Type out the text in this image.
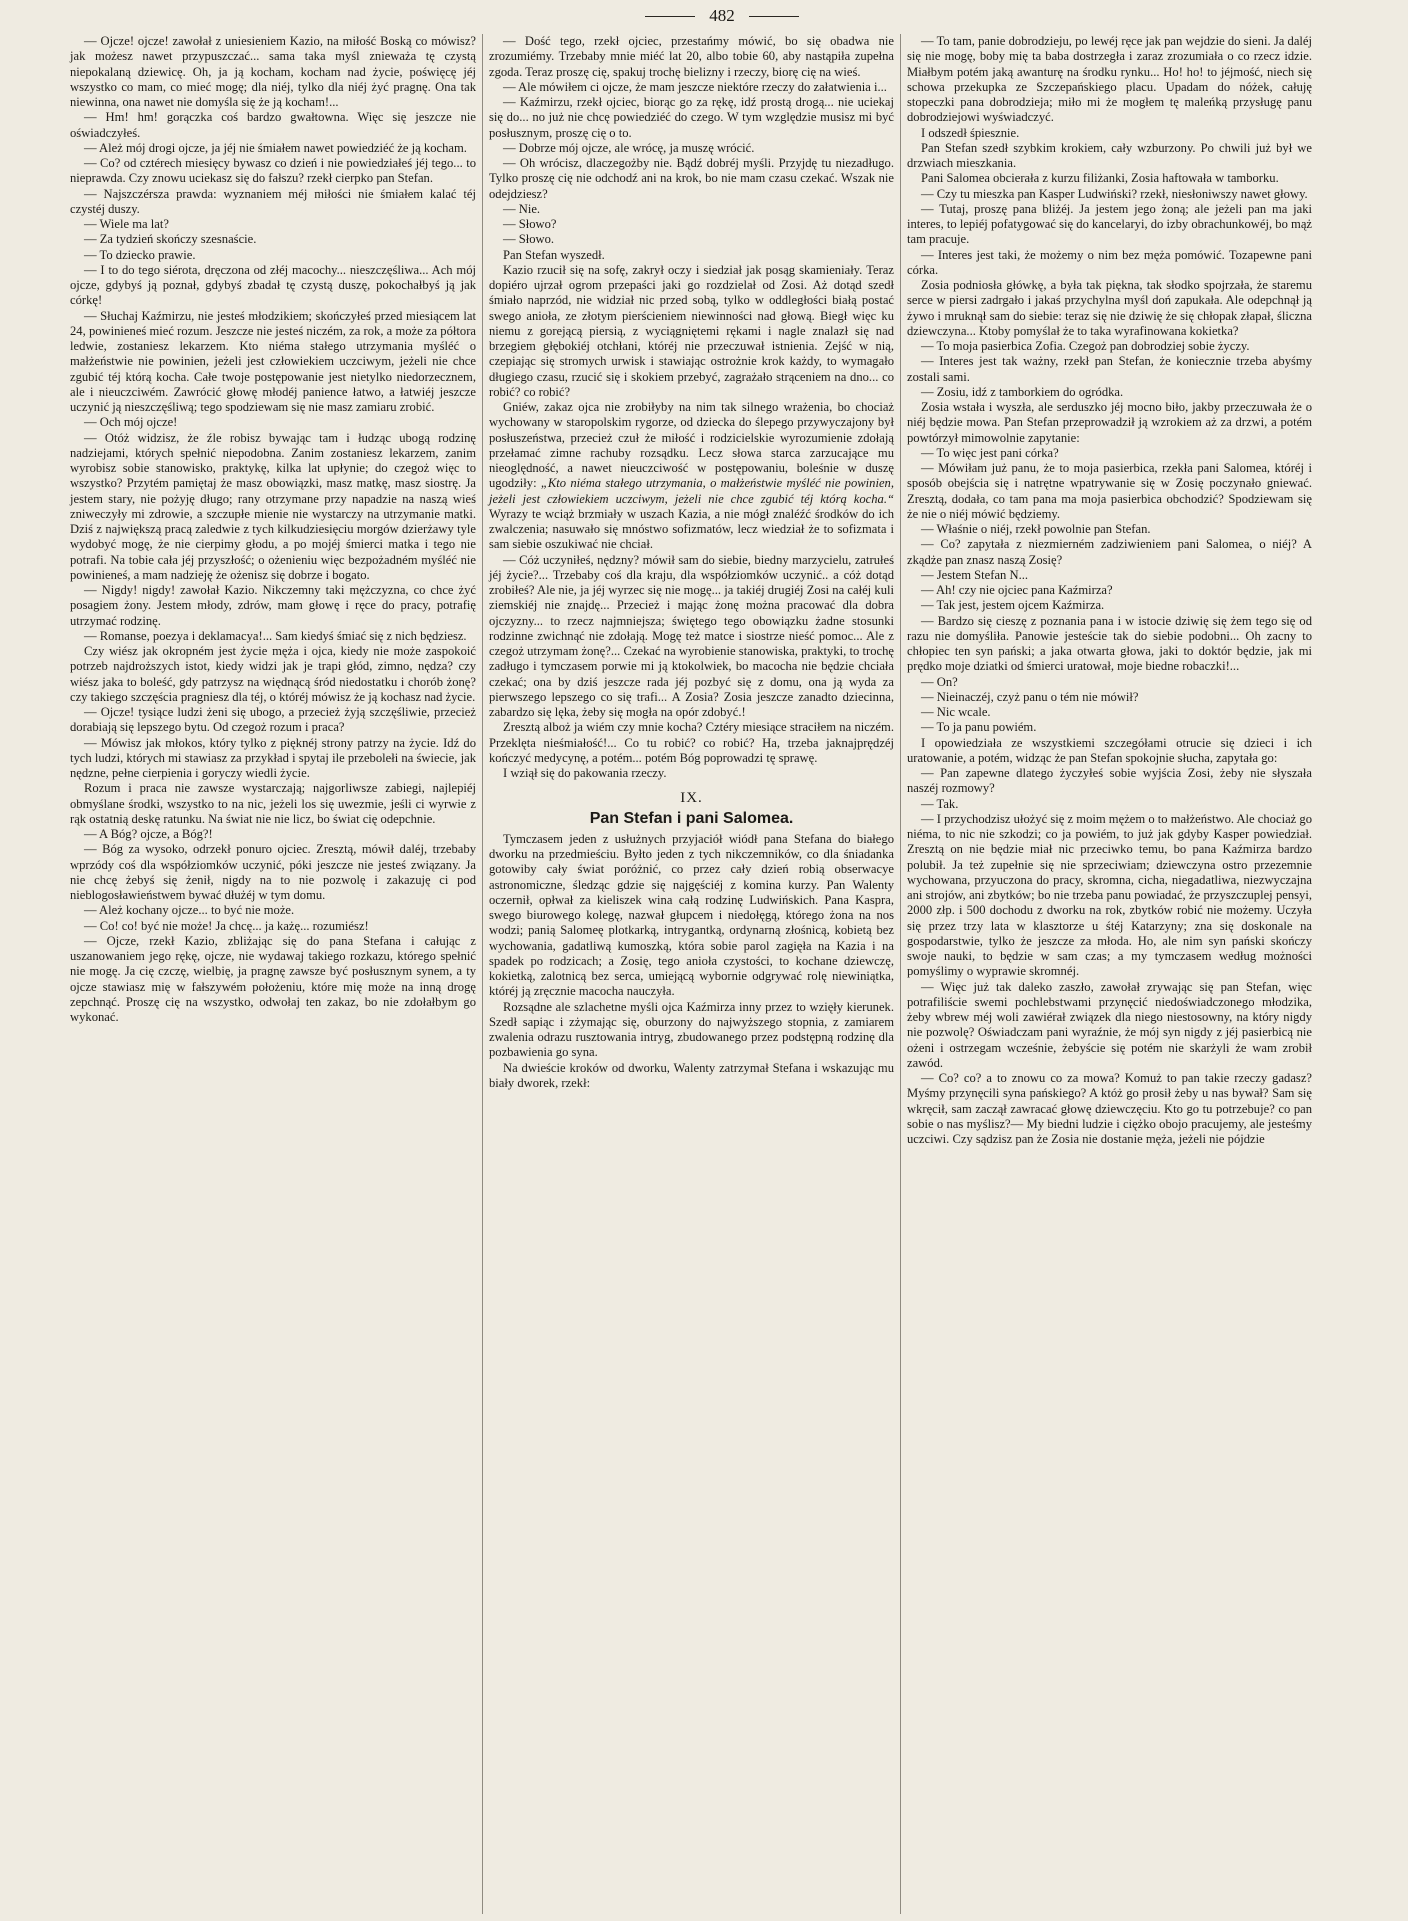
482

— Ojcze! ojcze! zawołał z uniesieniem Kazio, na miłość Boską co mówisz? jak możesz nawet przypuszczać... sama taka myśl znieważa tę czystą niepokalaną dziewicę. Oh, ja ją kocham, kocham nad życie, poświęcę jéj wszystko co mam, co mieć mogę; dla niéj, tylko dla niéj żyć pragnę. Ona tak niewinna, ona nawet nie domyśla się że ją kocham!...

— Hm! hm! gorączka coś bardzo gwałtowna. Więc się jeszcze nie oświadczyłeś.

— Ależ mój drogi ojcze, ja jéj nie śmiałem nawet powiedziéć że ją kocham.

— Co? od cztérech miesięcy bywasz co dzień i nie powiedziałeś jéj tego... to nieprawda. Czy znowu uciekasz się do fałszu? rzekł cierpko pan Stefan.

— Najszczérsza prawda: wyznaniem méj miłości nie śmiałem kalać téj czystéj duszy.

— Wiele ma lat?

— Za tydzień skończy szesnaście.

— To dziecko prawie.

— I to do tego siérota, dręczona od złéj macochy... nieszczęśliwa... Ach mój ojcze, gdybyś ją poznał, gdybyś zbadał tę czystą duszę, pokochałbyś ją jak córkę!

— Słuchaj Kaźmirzu, nie jesteś młodzikiem; skończyłeś przed miesiącem lat 24, powinieneś mieć rozum. Jeszcze nie jesteś niczém, za rok, a może za półtora ledwie, zostaniesz lekarzem. Kto niéma stałego utrzymania myśléć o małżeństwie nie powinien, jeżeli jest człowiekiem uczciwym, jeżeli nie chce zgubić téj którą kocha. Całe twoje postępowanie jest nietylko niedorzecznem, ale i nieuczciwém. Zawrócić głowę młodéj panience łatwo, a łatwiéj jeszcze uczynić ją nieszczęśliwą; tego spodziewam się nie masz zamiaru zrobić.

— Och mój ojcze!

— Otóż widzisz, że źle robisz bywając tam i łudząc ubogą rodzinę nadziejami, których spełnić niepodobna. Zanim zostaniesz lekarzem, zanim wyrobisz sobie stanowisko, praktykę, kilka lat upłynie; do czegoż więc to wszystko? Przytém pamiętaj że masz obowiązki, masz matkę, masz siostrę. Ja jestem stary, nie pożyję długo; rany otrzymane przy napadzie na naszą wieś zniweczyły mi zdrowie, a szczupłe mienie nie wystarczy na utrzymanie matki. Dziś z największą pracą zaledwie z tych kilkudziesięciu morgów dzierżawy tyle wydobyć mogę, że nie cierpimy głodu, a po mojéj śmierci matka i tego nie potrafi. Na tobie cała jéj przyszłość; o ożenieniu więc bezpożadném myśléć nie powinieneś, a mam nadzieję że ożenisz się dobrze i bogato.

— Nigdy! nigdy! zawołał Kazio. Nikczemny taki mężczyzna, co chce żyć posagiem żony. Jestem młody, zdrów, mam głowę i ręce do pracy, potrafię utrzymać rodzinę.

— Romanse, poezya i deklamacya!... Sam kiedyś śmiać się z nich będziesz.

Czy wiész jak okropném jest życie męża i ojca, kiedy nie może zaspokoić potrzeb najdroższych istot, kiedy widzi jak je trapi głód, zimno, nędza? czy wiész jaka to boleść, gdy patrzysz na więdnącą śród niedostatku i chorób żonę? czy takiego szczęścia pragniesz dla téj, o któréj mówisz że ją kochasz nad życie.

— Ojcze! tysiące ludzi żeni się ubogo, a przecież żyją szczęśliwie, przecież dorabiają się lepszego bytu. Od czegoż rozum i praca?

— Mówisz jak młokos, który tylko z pięknéj strony patrzy na życie. Idź do tych ludzi, których mi stawiasz za przykład i spytaj ile przebolełi na świecie, jak nędzne, pełne cierpienia i goryczy wiedli życie.

Rozum i praca nie zawsze wystarczają; najgorliwsze zabiegi, najlepiéj obmyślane środki, wszystko to na nic, jeżeli los się uwezmie, jeśli ci wyrwie z rąk ostatnią deskę ratunku. Na świat nie nie licz, bo świat cię odepchnie.

— A Bóg? ojcze, a Bóg?!

— Bóg za wysoko, odrzekł ponuro ojciec. Zresztą, mówił daléj, trzebaby wprzódy coś dla współziomków uczynić, póki jeszcze nie jesteś związany. Ja nie chcę żebyś się żenił, nigdy na to nie pozwolę i zakazuję ci pod nieblogosławieństwem bywać dłużéj w tym domu.

— Ależ kochany ojcze... to być nie może.

— Co! co! być nie może! Ja chcę... ja każę... rozumiész!

— Ojcze, rzekł Kazio, zbliżając się do pana Stefana i całując z uszanowaniem jego rękę, ojcze, nie wydawaj takiego rozkazu, którego spełnić nie mogę. Ja cię czczę, wielbię, ja pragnę zawsze być posłusznym synem, a ty ojcze stawiasz mię w fałszywém położeniu, które mię może na inną drogę zepchnąć. Proszę cię na wszystko, odwołaj ten zakaz, bo nie zdołałbym go wykonać.

— Dość tego, rzekł ojciec, przestańmy mówić, bo się obadwa nie zrozumiémy. Trzebaby mnie miéć lat 20, albo tobie 60, aby nastąpiła zupełna zgoda. Teraz proszę cię, spakuj trochę bielizny i rzeczy, biorę cię na wieś.

— Ale mówiłem ci ojcze, że mam jeszcze niektóre rzeczy do załatwienia i...

— Kaźmirzu, rzekł ojciec, biorąc go za rękę, idź prostą drogą... nie uciekaj się do... no już nie chcę powiedziéć do czego. W tym względzie musisz mi być posłusznym, proszę cię o to.

— Dobrze mój ojcze, ale wrócę, ja muszę wrócić.

— Oh wrócisz, dlaczegożby nie. Bądź dobréj myśli. Przyjdę tu niezadługo. Tylko proszę cię nie odchodź ani na krok, bo nie mam czasu czekać. Wszak nie odejdziesz?

— Nie.

— Słowo?

— Słowo.

Pan Stefan wyszedł.

Kazio rzucił się na sofę, zakrył oczy i siedział jak posąg skamieniały. Teraz dopiéro ujrzał ogrom przepaści jaki go rozdzielał od Zosi. Aż dotąd szedł śmiało naprzód, nie widział nic przed sobą, tylko w oddległości białą postać swego anioła, ze złotym pierścieniem niewinności nad głową. Biegł więc ku niemu z gorejącą piersią, z wyciągniętemi rękami i nagle znalazł się nad brzegiem głębokiéj otchłani, któréj nie przeczuwał istnienia. Zejść w nią, czepiając się stromych urwisk i stawiając ostrożnie krok każdy, to wymagało długiego czasu, rzucić się i skokiem przebyć, zagrażało strąceniem na dno... co robić? co robić?

Gniéw, zakaz ojca nie zrobiłyby na nim tak silnego wrażenia, bo chociaż wychowany w staropolskim rygorze, od dziecka do ślepego przywyczajony był posłuszeństwa, przecież czuł że miłość i rodzicielskie wyrozumienie zdołają przełamać zimne rachuby rozsądku. Lecz słowa starca zarzucające mu nieoględność, a nawet nieuczciwość w postępowaniu, boleśnie w duszę ugodziły: „Kto niéma stałego utrzymania, o małżeństwie myśléć nie powinien, jeżeli jest człowiekiem uczciwym, jeżeli nie chce zgubić téj którą kocha.“ Wyrazy te wciąż brzmiały w uszach Kazia, a nie mógł znaléźć środków do ich zwalczenia; nasuwało się mnóstwo sofizmatów, lecz wiedział że to sofizmata i sam siebie oszukiwać nie chciał.

— Cóż uczyniłeś, nędzny? mówił sam do siebie, biedny marzycielu, zatrułeś jéj życie?... Trzebaby coś dla kraju, dla współziomków uczynić.. a cóż dotąd zrobiłeś? Ale nie, ja jéj wyrzec się nie mogę... ja takiéj drugiéj Zosi na całéj kuli ziemskiéj nie znajdę... Przecież i mając żonę można pracować dla dobra ojczyzny... to rzecz najmniejsza; świętego tego obowiązku żadne stosunki rodzinne zwichnąć nie zdołają. Mogę też matce i siostrze nieść pomoc... Ale z czegoż utrzymam żonę?... Czekać na wyrobienie stanowiska, praktyki, to trochę zadługo i tymczasem porwie mi ją ktokolwiek, bo macocha nie będzie chciała czekać; ona by dziś jeszcze rada jéj pozbyć się z domu, ona ją wyda za pierwszego lepszego co się trafi... A Zosia? Zosia jeszcze zanadto dziecinna, zabardzo się lęka, żeby się mogła na opór zdobyć.!

Zresztą alboż ja wiém czy mnie kocha? Cztéry miesiące straciłem na niczém. Przeklęta nieśmiałość!... Co tu robić? co robić? Ha, trzeba jaknajprędzéj kończyć medycynę, a potém... potém Bóg poprowadzi tę sprawę.

I wziął się do pakowania rzeczy.

IX.
Pan Stefan i pani Salomea.

Tymczasem jeden z usłużnych przyjaciół wiódł pana Stefana do białego dworku na przedmieściu. Byłto jeden z tych nikczemników, co dla śniadanka gotowiby cały świat poróżnić, co przez cały dzień robią obserwacye astronomiczne, śledząc gdzie się najgęściéj z komina kurzy. Pan Walenty oczernił, opłwał za kieliszek wina całą rodzinę Ludwińskich. Pana Kaspra, swego biurowego kolegę, nazwał głupcem i niedołęgą, którego żona na nos wodzi; panią Salomeę plotkarką, intrygantką, ordynarną złośnicą, kobietą bez wychowania, gadatliwą kumoszką, która sobie parol zagięła na Kazia i na spadek po rodzicach; a Zosię, tego anioła czystości, to kochane dziewczę, kokietką, zalotnicą bez serca, umiejącą wybornie odgrywać rolę niewiniątka, któréj ją zręcznie macocha nauczyła.

Rozsądne ale szlachetne myśli ojca Kaźmirza inny przez to wzięły kierunek. Szedł sapiąc i zżymając się, oburzony do najwyższego stopnia, z zamiarem zwalenia odrazu rusztowania intryg, zbudowanego przez podstępną rodzinę dla pozbawienia go syna.

Na dwieście kroków od dworku, Walenty zatrzymał Stefana i wskazując mu biały dworek, rzekł:

— To tam, panie dobrodzieju, po lewéj ręce jak pan wejdzie do sieni. Ja daléj się nie mogę, boby mię ta baba dostrzegła i zaraz zrozumiała o co rzecz idzie. Miałbym potém jaką awanturę na środku rynku... Ho! ho! to jéjmość, niech się schowa przekupka ze Szczepańskiego placu. Upadam do nóżek, całuję stopeczki pana dobrodzieja; miło mi że mogłem tę maleńką przysługę panu dobrodziejowi wyświadczyć.

I odszedł śpiesznie.

Pan Stefan szedł szybkim krokiem, cały wzburzony. Po chwili już był we drzwiach mieszkania.

Pani Salomea obcierała z kurzu filiżanki, Zosia haftowała w tamborku.

— Czy tu mieszka pan Kasper Ludwiński? rzekł, niesłoniwszy nawet głowy.

— Tutaj, proszę pana bliżéj. Ja jestem jego żoną; ale jeżeli pan ma jaki interes, to lepiéj pofatygować się do kancelaryi, do izby obrachunkowéj, bo mąż tam pracuje.

— Interes jest taki, że możemy o nim bez męża pomówić. Tozapewne pani córka.

Zosia podniosła główkę, a była tak piękna, tak słodko spojrzała, że staremu serce w piersi zadrgało i jakaś przychylna myśl doń zapukała. Ale odepchnął ją żywo i mruknął sam do siebie: teraz się nie dziwię że się chłopak złapał, śliczna dziewczyna... Ktoby pomyślał że to taka wyrafinowana kokietka?

— To moja pasierbica Zofia. Czegoż pan dobrodziej sobie życzy.

— Interes jest tak ważny, rzekł pan Stefan, że koniecznie trzeba abyśmy zostali sami.

— Zosiu, idź z tamborkiem do ogródka.

Zosia wstała i wyszła, ale serduszko jéj mocno biło, jakby przeczuwała że o niéj będzie mowa. Pan Stefan przeprowadził ją wzrokiem aż za drzwi, a potém powtórzył mimowolnie zapytanie:

— To więc jest pani córka?

— Mówiłam już panu, że to moja pasierbica, rzekła pani Salomea, któréj i sposób obejścia się i natrętne wpatrywanie się w Zosię poczynało gniewać. Zresztą, dodała, co tam pana ma moja pasierbica obchodzić? Spodziewam się że nie o niéj mówić będziemy.

— Właśnie o niéj, rzekł powolnie pan Stefan.

— Co? zapytała z niezmierném zadziwieniem pani Salomea, o niéj? A zkądże pan znasz naszą Zosię?

— Jestem Stefan N...

— Ah! czy nie ojciec pana Kaźmirza?

— Tak jest, jestem ojcem Kaźmirza.

— Bardzo się cieszę z poznania pana i w istocie dziwię się żem tego się od razu nie domyśliła. Panowie jesteście tak do siebie podobni... Oh zacny to chłopiec ten syn pański; a jaka otwarta głowa, jaki to doktór będzie, jak mi prędko moje dziatki od śmierci uratował, moje biedne robaczki!...

— On?

— Nieinaczéj, czyż panu o tém nie mówił?

— Nic wcale.

— To ja panu powiém.

I opowiedziała ze wszystkiemi szczegółami otrucie się dzieci i ich uratowanie, a potém, widząc że pan Stefan spokojnie słucha, zapytała go:

— Pan zapewne dlatego życzyłeś sobie wyjścia Zosi, żeby nie słyszała naszéj rozmowy?

— Tak.

— I przychodzisz ułożyć się z moim mężem o to małżeństwo. Ale chociaż go niéma, to nic nie szkodzi; co ja powiém, to już jak gdyby Kasper powiedział. Zresztą on nie będzie miał nic przeciwko temu, bo pana Kaźmirza bardzo polubił. Ja też zupełnie się nie sprzeciwiam; dziewczyna ostro przezemnie wychowana, przyuczona do pracy, skromna, cicha, niegadatliwa, niezwyczajna ani strojów, ani zbytków; bo nie trzeba panu powiadać, że przyszczuplej pensyi, 2000 złp. i 500 dochodu z dworku na rok, zbytków robić nie możemy. Uczyła się przez trzy lata w klasztorze u śtéj Katarzyny; zna się doskonale na gospodarstwie, tylko że jeszcze za młoda. Ho, ale nim syn pański skończy swoje nauki, to będzie w sam czas; a my tymczasem według możności pomyślimy o wyprawie skromnéj.

— Więc już tak daleko zaszło, zawołał zrywając się pan Stefan, więc potrafiliście swemi pochlebstwami przynęcić niedoświadczonego młodzika, żeby wbrew méj woli zawiérał związek dla niego niestosowny, na który nigdy nie pozwolę? Oświadczam pani wyraźnie, że mój syn nigdy z jéj pasierbicą nie ożeni i ostrzegam wcześnie, żebyście się potém nie skarżyli że wam zrobił zawód.

— Co? co? a to znowu co za mowa? Komuż to pan takie rzeczy gadasz? Myśmy przynęcili syna pańskiego? A któż go prosił żeby u nas bywał? Sam się wkręcił, sam zaczął zawracać głowę dziewczęciu. Kto go tu potrzebuje? co pan sobie o nas myślisz?— My biedni ludzie i ciężko obojo pracujemy, ale jesteśmy uczciwi. Czy sądzisz pan że Zosia nie dostanie męża, jeżeli nie pójdzie
